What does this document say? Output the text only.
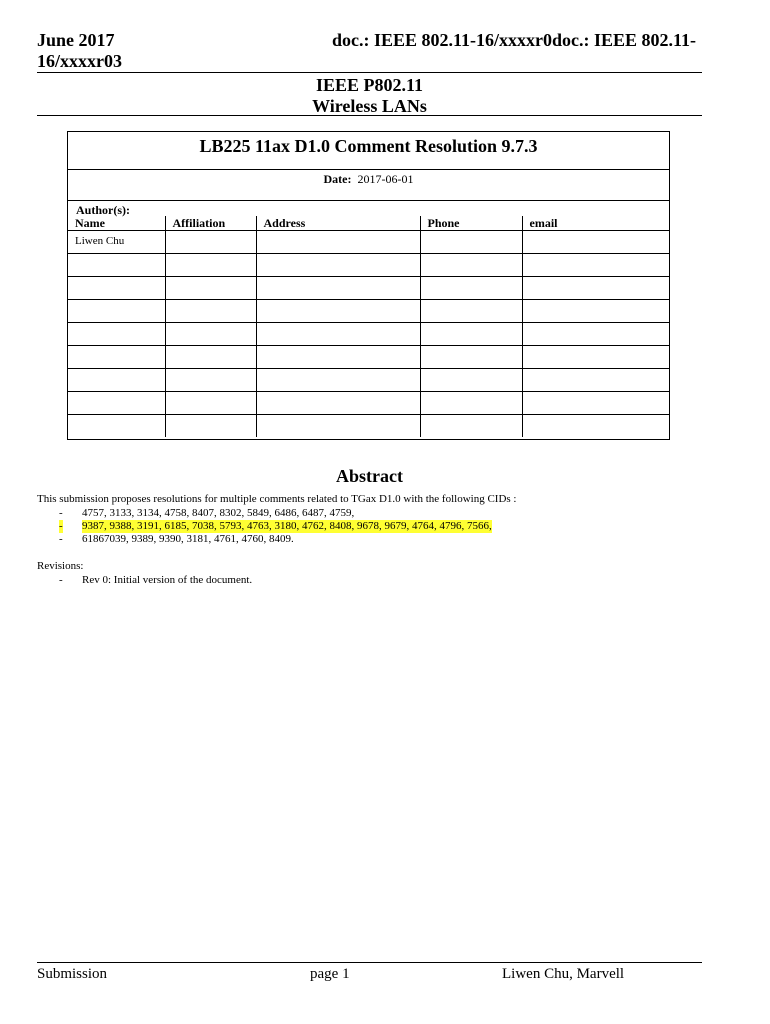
June 2017	doc.: IEEE 802.11-16/xxxxr0doc.: IEEE 802.11-
16/xxxxr03
IEEE P802.11
Wireless LANs
LB225 11ax D1.0 Comment Resolution 9.7.3
Date: 2017-06-01
Author(s):
Name	Affiliation	Address	Phone	email
Liwen Chu				

Abstract
This submission proposes resolutions for multiple comments related to TGax D1.0 with the following CIDs :
- 4757, 3133, 3134, 4758, 8407, 8302, 5849, 6486, 6487, 4759,
- 9387, 9388, 3191, 6185, 7038, 5793, 4763, 3180, 4762, 8408, 9678, 9679, 4764, 4796, 7566,
- 61867039, 9389, 9390, 3181, 4761, 4760, 8409.
Revisions:
- Rev 0: Initial version of the document.
Submission	page 1	Liwen Chu, Marvell
